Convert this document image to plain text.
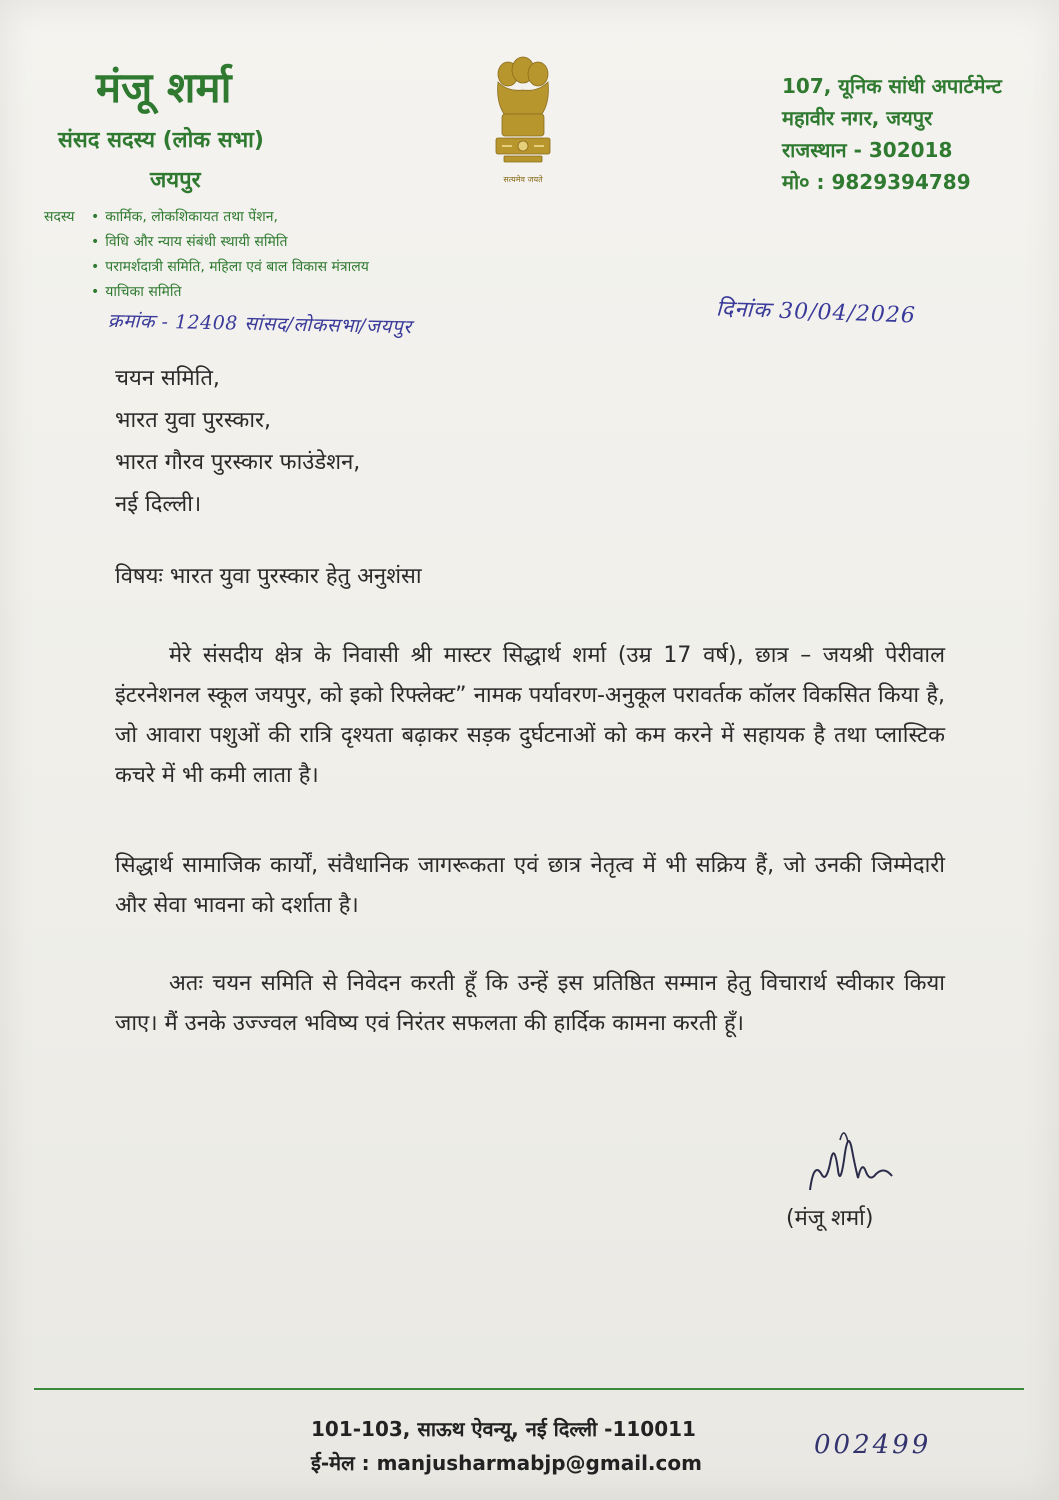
मंजू शर्मा
संसद सदस्य (लोक सभा)
जयपुर
सदस्य	• कार्मिक, लोकशिकायत तथा पेंशन,
• विधि और न्याय संबंधी स्थायी समिति
• परामर्शदात्री समिति, महिला एवं बाल विकास मंत्रालय
• याचिका समिति
सत्यमेव जयते
107, यूनिक सांधी अपार्टमेन्ट
महावीर नगर, जयपुर
राजस्थान - 302018
मो० : 9829394789
क्रमांक - 12408 सांसद/लोकसभा/जयपुर	दिनांक 30/04/2026
चयन समिति,
भारत युवा पुरस्कार,
भारत गौरव पुरस्कार फाउंडेशन,
नई दिल्ली।
विषयः भारत युवा पुरस्कार हेतु अनुशंसा
मेरे संसदीय क्षेत्र के निवासी श्री मास्टर सिद्धार्थ शर्मा (उम्र 17 वर्ष), छात्र – जयश्री पेरीवाल इंटरनेशनल स्कूल जयपुर, को इको रिफ्लेक्ट” नामक पर्यावरण-अनुकूल परावर्तक कॉलर विकसित किया है, जो आवारा पशुओं की रात्रि दृश्यता बढ़ाकर सड़क दुर्घटनाओं को कम करने में सहायक है तथा प्लास्टिक कचरे में भी कमी लाता है।
सिद्धार्थ सामाजिक कार्यों, संवैधानिक जागरूकता एवं छात्र नेतृत्व में भी सक्रिय हैं, जो उनकी जिम्मेदारी और सेवा भावना को दर्शाता है।
अतः चयन समिति से निवेदन करती हूँ कि उन्हें इस प्रतिष्ठित सम्मान हेतु विचारार्थ स्वीकार किया जाए। मैं उनके उज्ज्वल भविष्य एवं निरंतर सफलता की हार्दिक कामना करती हूँ।
(मंजू शर्मा)
101-103, साऊथ ऐवन्यू, नई दिल्ली -110011
ई-मेल : manjusharmabjp@gmail.com
002499
